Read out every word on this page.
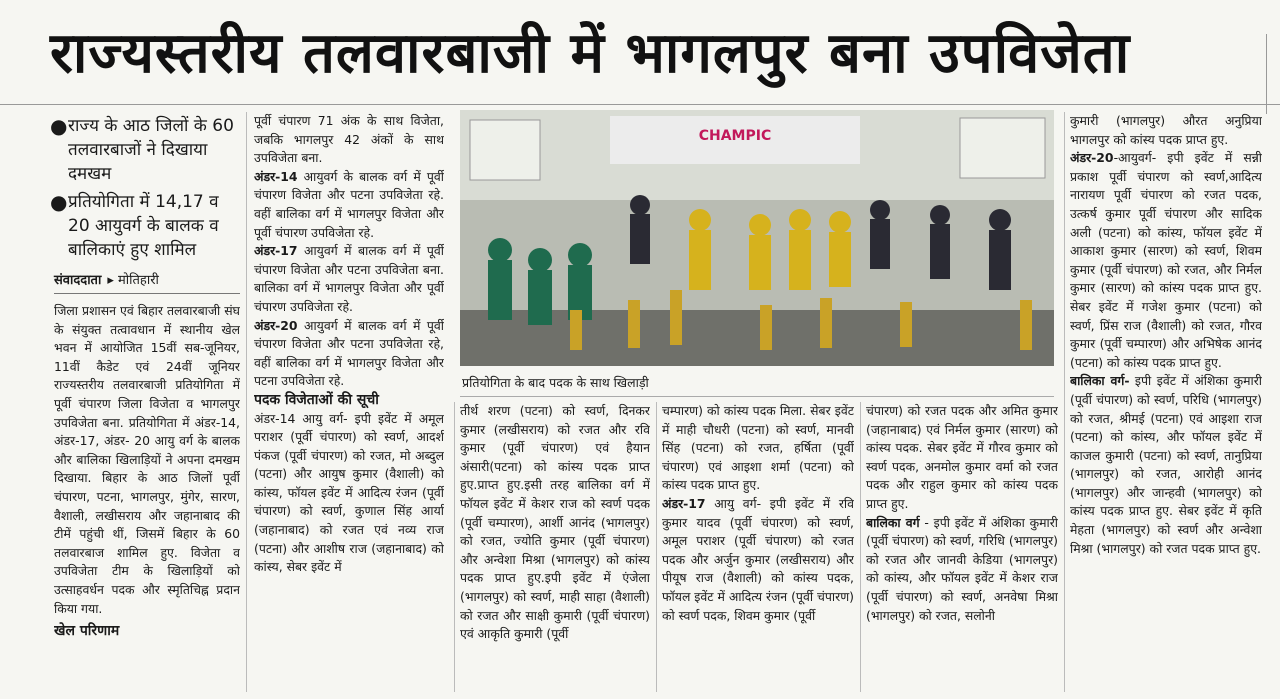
राज्यस्तरीय तलवारबाजी में भागलपुर बना उपविजेता
● राज्य के आठ जिलों के 60 तलवारबाजों ने दिखाया दमखम
● प्रतियोगिता में 14,17 व 20 आयुवर्ग के बालक व बालिकाएं हुए शामिल
संवाददाता ▸ मोतिहारी

जिला प्रशासन एवं बिहार तलवारबाजी संघ के संयुक्त तत्वावधान में स्थानीय खेल भवन में आयोजित 15वीं सब-जूनियर, 11वीं कैडेट एवं 24वीं जूनियर राज्यस्तरीय तलवारबाजी प्रतियोगिता में पूर्वी चंपारण जिला विजेता व भागलपुर उपविजेता बना. प्रतियोगिता में अंडर-14, अंडर-17, अंडर- 20 आयु वर्ग के बालक और बालिका खिलाड़ियों ने अपना दमखम दिखाया. बिहार के आठ जिलों पूर्वी चंपारण, पटना, भागलपुर, मुंगेर, सारण, वैशाली, लखीसराय और जहानाबाद की टीमें पहुंची थीं, जिसमें बिहार के 60 तलवारबाज शामिल हुए. विजेता व उपविजेता टीम के खिलाड़ियों को उत्साहवर्धन पदक और स्मृतिचिह्न प्रदान किया गया.

खेल परिणाम

पूर्वी चंपारण 71 अंक के साथ विजेता, जबकि भागलपुर 42 अंकों के साथ उपविजेता बना.

अंडर-14 आयुवर्ग के बालक वर्ग में पूर्वी चंपारण विजेता और पटना उपविजेता रहे. वहीं बालिका वर्ग में भागलपुर विजेता और पूर्वी चंपारण उपविजेता रहे.

अंडर-17 आयुवर्ग में बालक वर्ग में पूर्वी चंपारण विजेता और पटना उपविजेता बना. बालिका वर्ग में भागलपुर विजेता और पूर्वी चंपारण उपविजेता रहे.

अंडर-20 आयुवर्ग में बालक वर्ग में पूर्वी चंपारण विजेता और पटना उपविजेता रहे, वहीं बालिका वर्ग में भागलपुर विजेता और पटना उपविजेता रहे.

पदक विजेताओं की सूची

अंडर-14 आयु वर्ग- इपी इवेंट में अमूल पराशर (पूर्वी चंपारण) को स्वर्ण, आदर्श पंकज (पूर्वी चंपारण) को रजत, मो अब्दुल (पटना) और आयुष कुमार (वैशाली) को कांस्य, फॉयल इवेंट में आदित्य रंजन (पूर्वी चंपारण) को स्वर्ण, कुणाल सिंह आर्या (जहानाबाद) को रजत एवं नव्य राज (पटना) और आशीष राज (जहानाबाद) को कांस्य, सेबर इवेंट में

CHAMPIC
प्रतियोगिता के बाद पदक के साथ खिलाड़ी

तीर्थ शरण (पटना) को स्वर्ण, दिनकर कुमार (लखीसराय) को रजत और रवि कुमार (पूर्वी चंपारण) एवं हैयान अंसारी(पटना) को कांस्य पदक प्राप्त हुए.प्राप्त हुए.इसी तरह बालिका वर्ग में फॉयल इवेंट में केशर राज को स्वर्ण पदक (पूर्वी चम्पारण), आर्शी आनंद (भागलपुर) को रजत, ज्योति कुमार (पूर्वी चंपारण) और अन्वेशा मिश्रा (भागलपुर) को कांस्य पदक प्राप्त हुए.इपी इवेंट में एंजेला (भागलपुर) को स्वर्ण, माही साहा (वैशाली) को रजत और साक्षी कुमारी (पूर्वी चंपारण) एवं आकृति कुमारी (पूर्वी

चम्पारण) को कांस्य पदक मिला. सेबर इवेंट में माही चौधरी (पटना) को स्वर्ण, मानवी सिंह (पटना) को रजत, हर्षिता (पूर्वी चंपारण) एवं आइशा शर्मा (पटना) को कांस्य पदक प्राप्त हुए.

अंडर-17 आयु वर्ग- इपी इवेंट में रवि कुमार यादव (पूर्वी चंपारण) को स्वर्ण, अमूल पराशर (पूर्वी चंपारण) को रजत पदक और अर्जुन कुमार (लखीसराय) और पीयूष राज (वैशाली) को कांस्य पदक, फॉयल इवेंट में आदित्य रंजन (पूर्वी चंपारण) को स्वर्ण पदक, शिवम कुमार (पूर्वी

चंपारण) को रजत पदक और अमित कुमार (जहानाबाद) एवं निर्मल कुमार (सारण) को कांस्य पदक. सेबर इवेंट में गौरव कुमार को स्वर्ण पदक, अनमोल कुमार वर्मा को रजत पदक और राहुल कुमार को कांस्य पदक प्राप्त हुए.

बालिका वर्ग - इपी इवेंट में अंशिका कुमारी (पूर्वी चंपारण) को स्वर्ण, गरिधि (भागलपुर) को रजत और जानवी केडिया (भागलपुर) को कांस्य, और फॉयल इवेंट में केशर राज (पूर्वी चंपारण) को स्वर्ण, अनवेषा मिश्रा (भागलपुर) को रजत, सलोनी

कुमारी (भागलपुर) औरत अनुप्रिया भागलपुर को कांस्य पदक प्राप्त हुए.

अंडर-20-आयुवर्ग- इपी इवेंट में सन्नी प्रकाश पूर्वी चंपारण को स्वर्ण,आदित्य नारायण पूर्वी चंपारण को रजत पदक, उत्कर्ष कुमार पूर्वी चंपारण और सादिक अली (पटना) को कांस्य, फॉयल इवेंट में आकाश कुमार (सारण) को स्वर्ण, शिवम कुमार (पूर्वी चंपारण) को रजत, और निर्मल कुमार (सारण) को कांस्य पदक प्राप्त हुए. सेबर इवेंट में गजेश कुमार (पटना) को स्वर्ण, प्रिंस राज (वैशाली) को रजत, गौरव कुमार (पूर्वी चम्पारण) और अभिषेक आनंद (पटना) को कांस्य पदक प्राप्त हुए.

बालिका वर्ग- इपी इवेंट में अंशिका कुमारी (पूर्वी चंपारण) को स्वर्ण, परिधि (भागलपुर) को रजत, श्रीमई (पटना) एवं आइशा राज (पटना) को कांस्य, और फॉयल इवेंट में काजल कुमारी (पटना) को स्वर्ण, तानुप्रिया (भागलपुर) को रजत, आरोही आनंद (भागलपुर) और जान्हवी (भागलपुर) को कांस्य पदक प्राप्त हुए. सेबर इवेंट में कृति मेहता (भागलपुर) को स्वर्ण और अन्वेशा मिश्रा (भागलपुर) को रजत पदक प्राप्त हुए.
